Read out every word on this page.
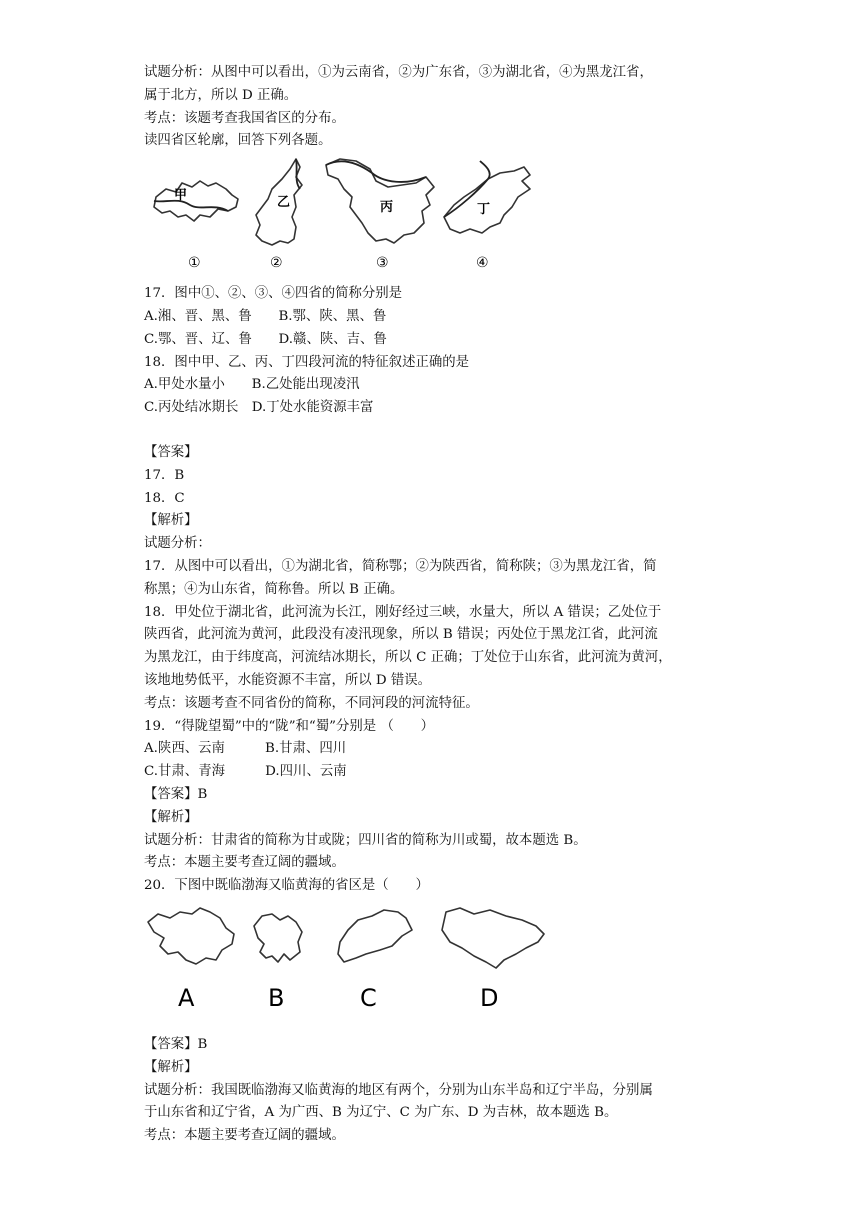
试题分析：从图中可以看出，①为云南省，②为广东省，③为湖北省，④为黑龙江省，
属于北方，所以 D 正确。
考点：该题考查我国省区的分布。
读四省区轮廓，回答下列各题。
甲
①
乙
②
丙
③
丁
④
17．图中①、②、③、④四省的简称分别是
A.湘、晋、黑、鲁　　B.鄂、陕、黑、鲁
C.鄂、晋、辽、鲁　　D.赣、陕、吉、鲁
18．图中甲、乙、丙、丁四段河流的特征叙述正确的是
A.甲处水量小　　B.乙处能出现凌汛
C.丙处结冰期长　D.丁处水能资源丰富
【答案】
17．B
18．C
【解析】
试题分析：
17．从图中可以看出，①为湖北省，简称鄂；②为陕西省，简称陕；③为黑龙江省，简
称黑；④为山东省，简称鲁。所以 B 正确。
18．甲处位于湖北省，此河流为长江，刚好经过三峡，水量大，所以 A 错误；乙处位于
陕西省，此河流为黄河，此段没有凌汛现象，所以 B 错误；丙处位于黑龙江省，此河流
为黑龙江，由于纬度高，河流结冰期长，所以 C 正确；丁处位于山东省，此河流为黄河，
该地地势低平，水能资源不丰富，所以 D 错误。
考点：该题考查不同省份的简称，不同河段的河流特征。
19．“得陇望蜀”中的“陇”和“蜀”分别是 （　　）
A.陕西、云南　　　B.甘肃、四川
C.甘肃、青海　　　D.四川、云南
【答案】B
【解析】
试题分析：甘肃省的简称为甘或陇；四川省的简称为川或蜀，故本题选 B。
考点：本题主要考查辽阔的疆域。
20．下图中既临渤海又临黄海的省区是（　　）
A	B	C	D
【答案】B
【解析】
试题分析：我国既临渤海又临黄海的地区有两个，分别为山东半岛和辽宁半岛，分别属
于山东省和辽宁省，A 为广西、B 为辽宁、C 为广东、D 为吉林，故本题选 B。
考点：本题主要考查辽阔的疆域。
